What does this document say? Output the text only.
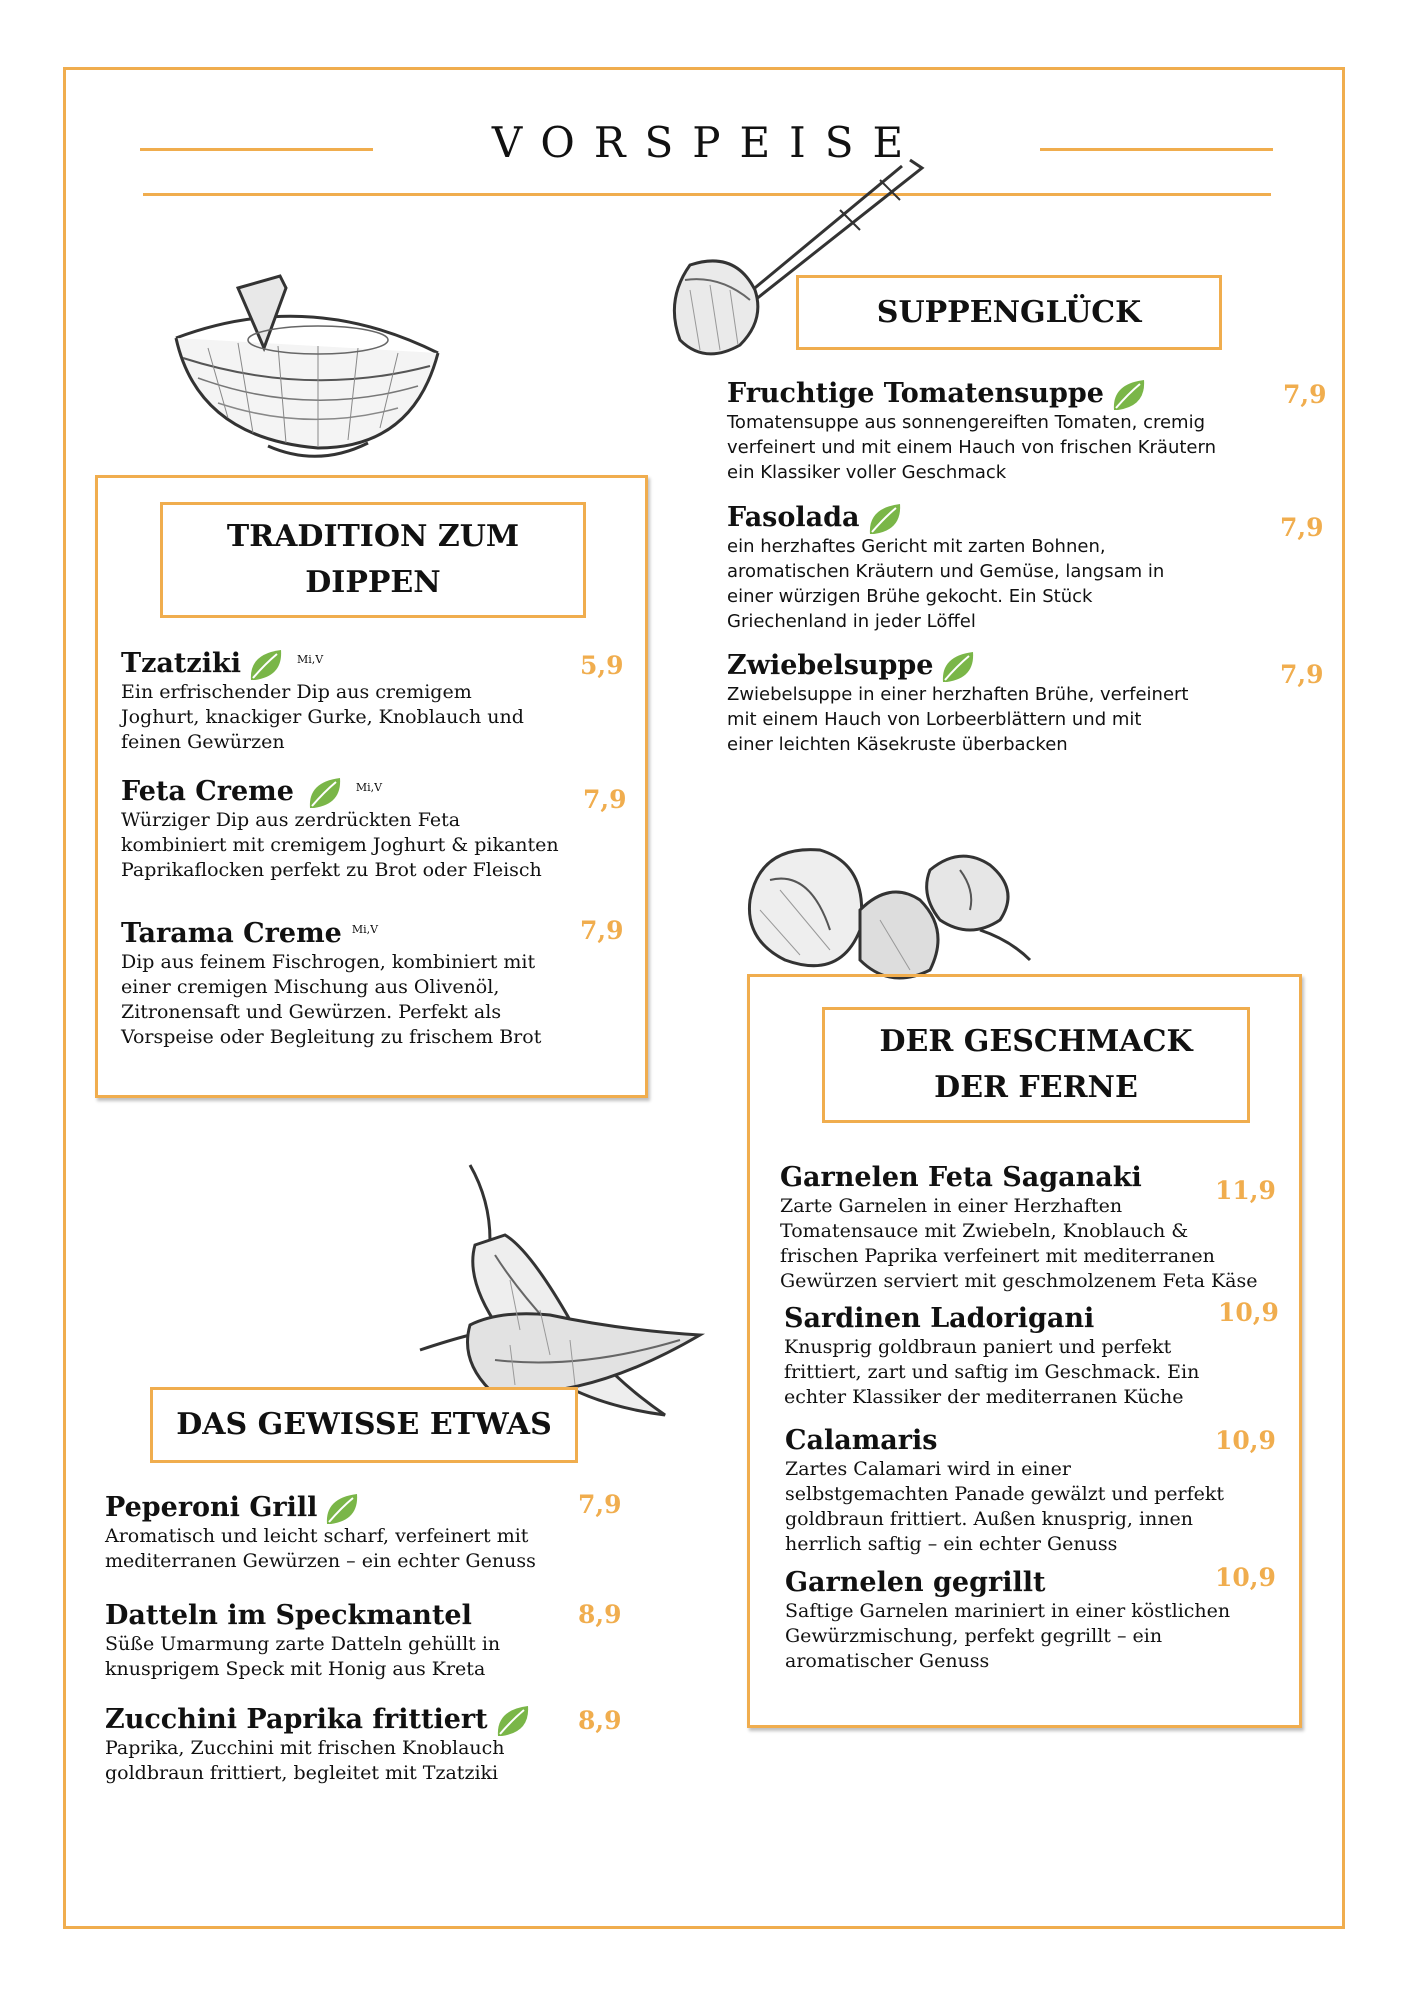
VORSPEISE
TRADITION ZUM DIPPEN
Tzatziki	Mi,V
Ein erfrischender Dip aus cremigem
Joghurt, knackiger Gurke, Knoblauch und
feinen Gewürzen
5,9
Feta Creme	Mi,V
Würziger Dip aus zerdrückten Feta
kombiniert mit cremigem Joghurt & pikanten
Paprikaflocken perfekt zu Brot oder Fleisch
7,9
Tarama Creme Mi,V
Dip aus feinem Fischrogen, kombiniert mit
einer cremigen Mischung aus Olivenöl,
Zitronensaft und Gewürzen. Perfekt als
Vorspeise oder Begleitung zu frischem Brot
7,9
SUPPENGLÜCK
Fruchtige Tomatensuppe
Tomatensuppe aus sonnengereiften Tomaten, cremig
verfeinert und mit einem Hauch von frischen Kräutern
ein Klassiker voller Geschmack
7,9
Fasolada
ein herzhaftes Gericht mit zarten Bohnen,
aromatischen Kräutern und Gemüse, langsam in
einer würzigen Brühe gekocht. Ein Stück
Griechenland in jeder Löffel
7,9
Zwiebelsuppe
Zwiebelsuppe in einer herzhaften Brühe, verfeinert
mit einem Hauch von Lorbeerblättern und mit
einer leichten Käsekruste überbacken
7,9
DER GESCHMACK DER FERNE
Garnelen Feta Saganaki
Zarte Garnelen in einer Herzhaften
Tomatensauce mit Zwiebeln, Knoblauch &
frischen Paprika verfeinert mit mediterranen
Gewürzen serviert mit geschmolzenem Feta Käse
11,9
Sardinen Ladorigani
Knusprig goldbraun paniert und perfekt
frittiert, zart und saftig im Geschmack. Ein
echter Klassiker der mediterranen Küche
10,9
Calamaris
Zartes Calamari wird in einer
selbstgemachten Panade gewälzt und perfekt
goldbraun frittiert. Außen knusprig, innen
herrlich saftig – ein echter Genuss
10,9
Garnelen gegrillt
Saftige Garnelen mariniert in einer köstlichen
Gewürzmischung, perfekt gegrillt – ein
aromatischer Genuss
10,9
DAS GEWISSE ETWAS
Peperoni Grill
Aromatisch und leicht scharf, verfeinert mit
mediterranen Gewürzen – ein echter Genuss
7,9
Datteln im Speckmantel
Süße Umarmung zarte Datteln gehüllt in
knusprigem Speck mit Honig aus Kreta
8,9
Zucchini Paprika frittiert
Paprika, Zucchini mit frischen Knoblauch
goldbraun frittiert, begleitet mit Tzatziki
8,9
